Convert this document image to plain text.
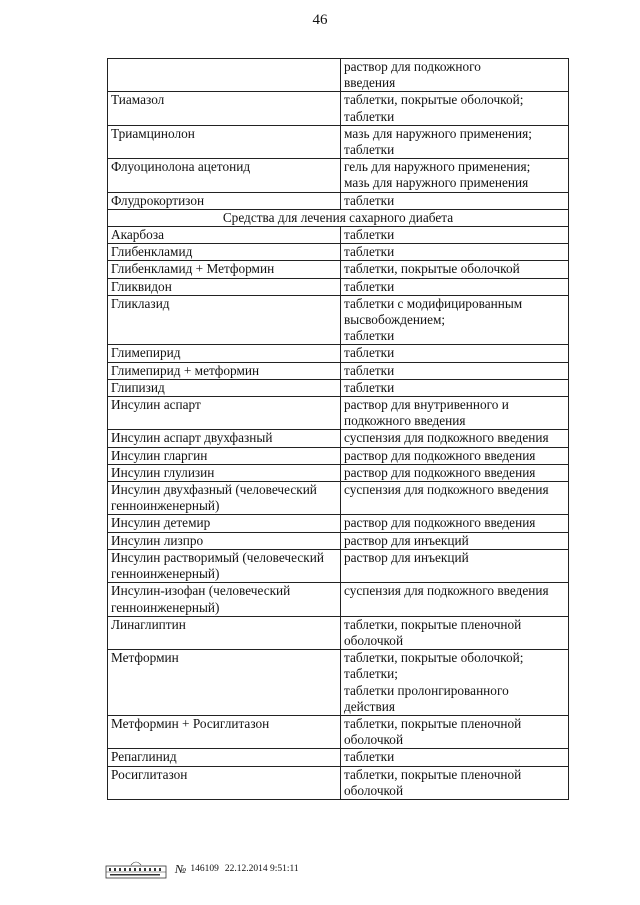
46

	раствор для подкожного
введения

Тиамазол	таблетки, покрытые оболочкой;
таблетки

Триамцинолон	мазь для наружного применения;
таблетки

Флуоцинолона ацетонид	гель для наружного применения;
мазь для наружного применения

Флудрокортизон	таблетки

Средства для лечения сахарного диабета	
Акарбоза	таблетки

Глибенкламид	таблетки

Глибенкламид + Метформин	таблетки, покрытые оболочкой

Гликвидон	таблетки

Гликлазид	таблетки с модифицированным
высвобождением;
таблетки

Глимепирид	таблетки

Глимепирид + метформин	таблетки

Глипизид	таблетки

Инсулин аспарт	раствор для внутривенного и
подкожного введения

Инсулин аспарт двухфазный	суспензия для подкожного введения

Инсулин гларгин	раствор для подкожного введения

Инсулин глулизин	раствор для подкожного введения

Инсулин двухфазный (человеческий генноинженерный)	суспензия для подкожного введения

Инсулин детемир	раствор для подкожного введения

Инсулин лизпро	раствор для инъекций

Инсулин растворимый (человеческий генноинженерный)	раствор для инъекций

Инсулин-изофан (человеческий генноинженерный)	суспензия для подкожного введения

Линаглиптин	таблетки, покрытые пленочной
оболочкой

Метформин	таблетки, покрытые оболочкой;
таблетки;
таблетки пролонгированного
действия

Метформин + Росиглитазон	таблетки, покрытые пленочной
оболочкой

Репаглинид	таблетки

Росиглитазон	таблетки, покрытые пленочной
оболочкой
№ 146109 22.12.2014 9:51:11
